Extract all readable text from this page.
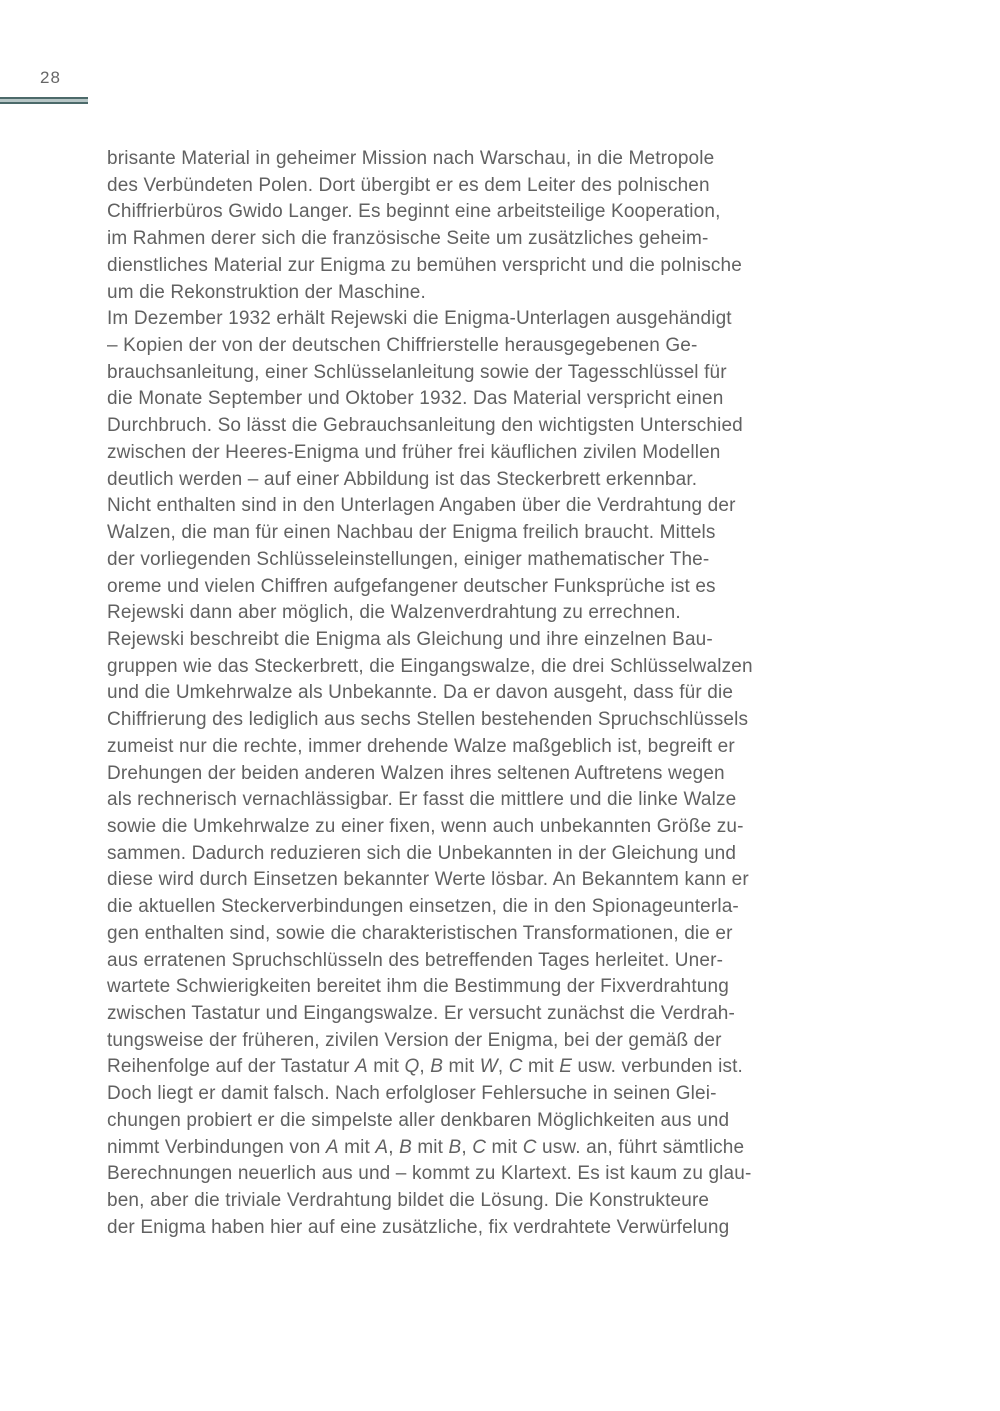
28
brisante Material in geheimer Mission nach Warschau, in die Metropole
des Verbündeten Polen. Dort übergibt er es dem Leiter des polnischen
Chiffrierbüros Gwido Langer. Es beginnt eine arbeitsteilige Kooperation,
im Rahmen derer sich die französische Seite um zusätzliches geheim-
dienstliches Material zur Enigma zu bemühen verspricht und die polnische
um die Rekonstruktion der Maschine.
Im Dezember 1932 erhält Rejewski die Enigma-Unterlagen ausgehändigt
– Kopien der von der deutschen Chiffrierstelle herausgegebenen Ge-
brauchsanleitung, einer Schlüsselanleitung sowie der Tagesschlüssel für
die Monate September und Oktober 1932. Das Material verspricht einen
Durchbruch. So lässt die Gebrauchsanleitung den wichtigsten Unterschied
zwischen der Heeres-Enigma und früher frei käuflichen zivilen Modellen
deutlich werden – auf einer Abbildung ist das Steckerbrett erkennbar.
Nicht enthalten sind in den Unterlagen Angaben über die Verdrahtung der
Walzen, die man für einen Nachbau der Enigma freilich braucht. Mittels
der vorliegenden Schlüsseleinstellungen, einiger mathematischer The-
oreme und vielen Chiffren aufgefangener deutscher Funksprüche ist es
Rejewski dann aber möglich, die Walzenverdrahtung zu errechnen.
Rejewski beschreibt die Enigma als Gleichung und ihre einzelnen Bau-
gruppen wie das Steckerbrett, die Eingangswalze, die drei Schlüsselwalzen
und die Umkehrwalze als Unbekannte. Da er davon ausgeht, dass für die
Chiffrierung des lediglich aus sechs Stellen bestehenden Spruchschlüssels
zumeist nur die rechte, immer drehende Walze maßgeblich ist, begreift er
Drehungen der beiden anderen Walzen ihres seltenen Auftretens wegen
als rechnerisch vernachlässigbar. Er fasst die mittlere und die linke Walze
sowie die Umkehrwalze zu einer fixen, wenn auch unbekannten Größe zu-
sammen. Dadurch reduzieren sich die Unbekannten in der Gleichung und
diese wird durch Einsetzen bekannter Werte lösbar. An Bekanntem kann er
die aktuellen Steckerverbindungen einsetzen, die in den Spionageunterla-
gen enthalten sind, sowie die charakteristischen Transformationen, die er
aus erratenen Spruchschlüsseln des betreffenden Tages herleitet. Uner-
wartete Schwierigkeiten bereitet ihm die Bestimmung der Fixverdrahtung
zwischen Tastatur und Eingangswalze. Er versucht zunächst die Verdrah-
tungsweise der früheren, zivilen Version der Enigma, bei der gemäß der
Reihenfolge auf der Tastatur A mit Q, B mit W, C mit E usw. verbunden ist.
Doch liegt er damit falsch. Nach erfolgloser Fehlersuche in seinen Glei-
chungen probiert er die simpelste aller denkbaren Möglichkeiten aus und
nimmt Verbindungen von A mit A, B mit B, C mit C usw. an, führt sämtliche
Berechnungen neuerlich aus und – kommt zu Klartext. Es ist kaum zu glau-
ben, aber die triviale Verdrahtung bildet die Lösung. Die Konstrukteure
der Enigma haben hier auf eine zusätzliche, fix verdrahtete Verwürfelung
